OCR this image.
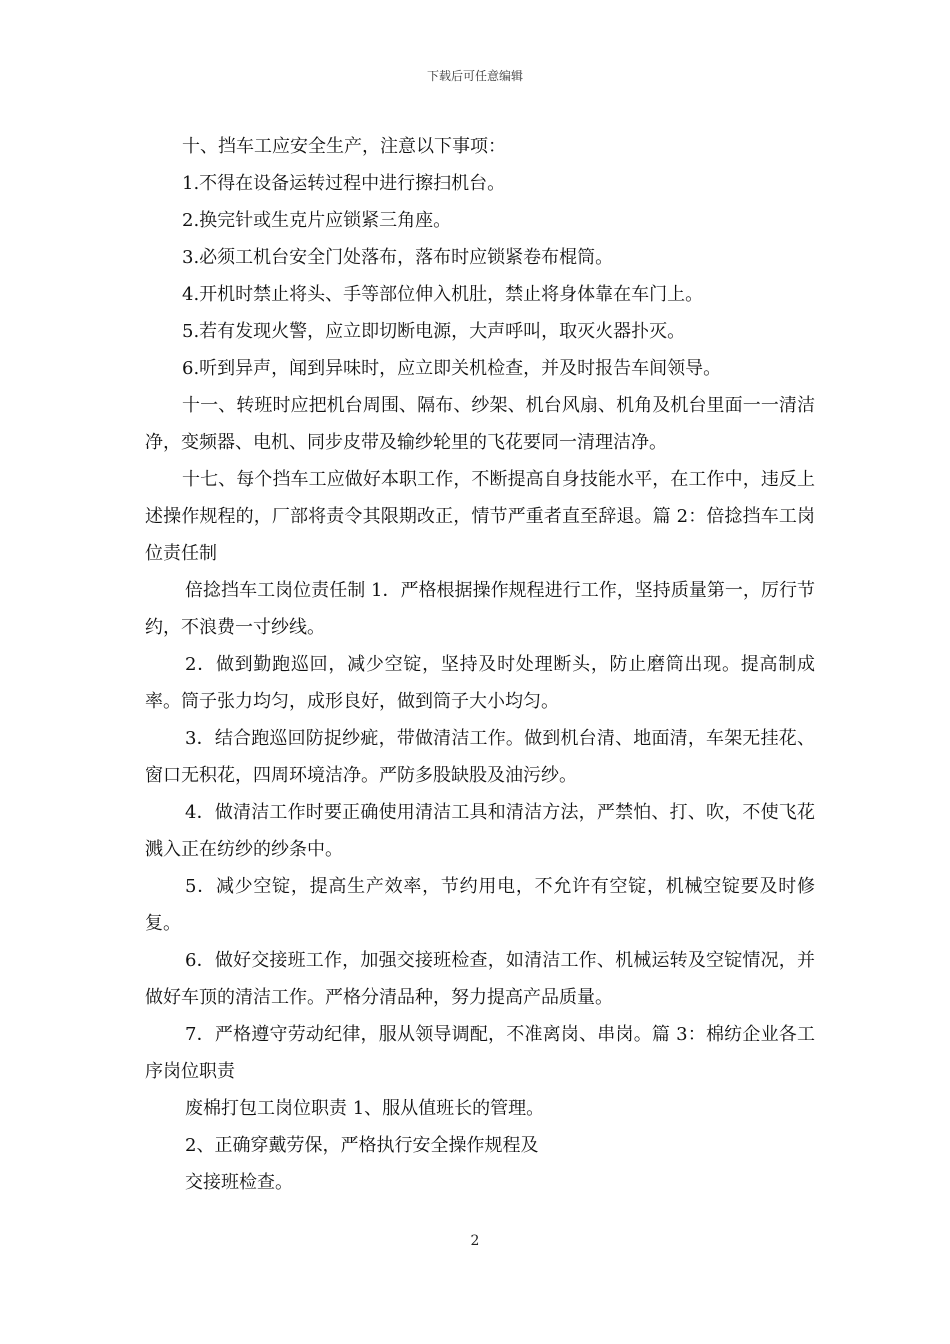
下载后可任意编辑

十、挡车工应安全生产，注意以下事项：

1.不得在设备运转过程中进行擦扫机台。

2.换完针或生克片应锁紧三角座。

3.必须工机台安全门处落布，落布时应锁紧卷布棍筒。

4.开机时禁止将头、手等部位伸入机肚，禁止将身体靠在车门上。

5.若有发现火警，应立即切断电源，大声呼叫，取灭火器扑灭。

6.听到异声，闻到异味时，应立即关机检查，并及时报告车间领导。

十一、转班时应把机台周围、隔布、纱架、机台风扇、机角及机台里面一一清洁净，变频器、电机、同步皮带及输纱轮里的飞花要同一清理洁净。

十七、每个挡车工应做好本职工作，不断提高自身技能水平，在工作中，违反上述操作规程的，厂部将责令其限期改正，情节严重者直至辞退。篇 2：倍捻挡车工岗位责任制

倍捻挡车工岗位责任制 1．严格根据操作规程进行工作，坚持质量第一，厉行节约，不浪费一寸纱线。

2．做到勤跑巡回，减少空锭，坚持及时处理断头，防止磨筒出现。提高制成率。筒子张力均匀，成形良好，做到筒子大小均匀。

3．结合跑巡回防捉纱疵，带做清洁工作。做到机台清、地面清，车架无挂花、窗口无积花，四周环境洁净。严防多股缺股及油污纱。

4．做清洁工作时要正确使用清洁工具和清洁方法，严禁怕、打、吹，不使飞花溅入正在纺纱的纱条中。

5．减少空锭，提高生产效率，节约用电，不允许有空锭，机械空锭要及时修复。

6．做好交接班工作，加强交接班检查，如清洁工作、机械运转及空锭情况，并做好车顶的清洁工作。严格分清品种，努力提高产品质量。

7．严格遵守劳动纪律，服从领导调配，不准离岗、串岗。篇 3：棉纺企业各工序岗位职责

废棉打包工岗位职责 1、服从值班长的管理。

2、正确穿戴劳保，严格执行安全操作规程及

交接班检查。

2
